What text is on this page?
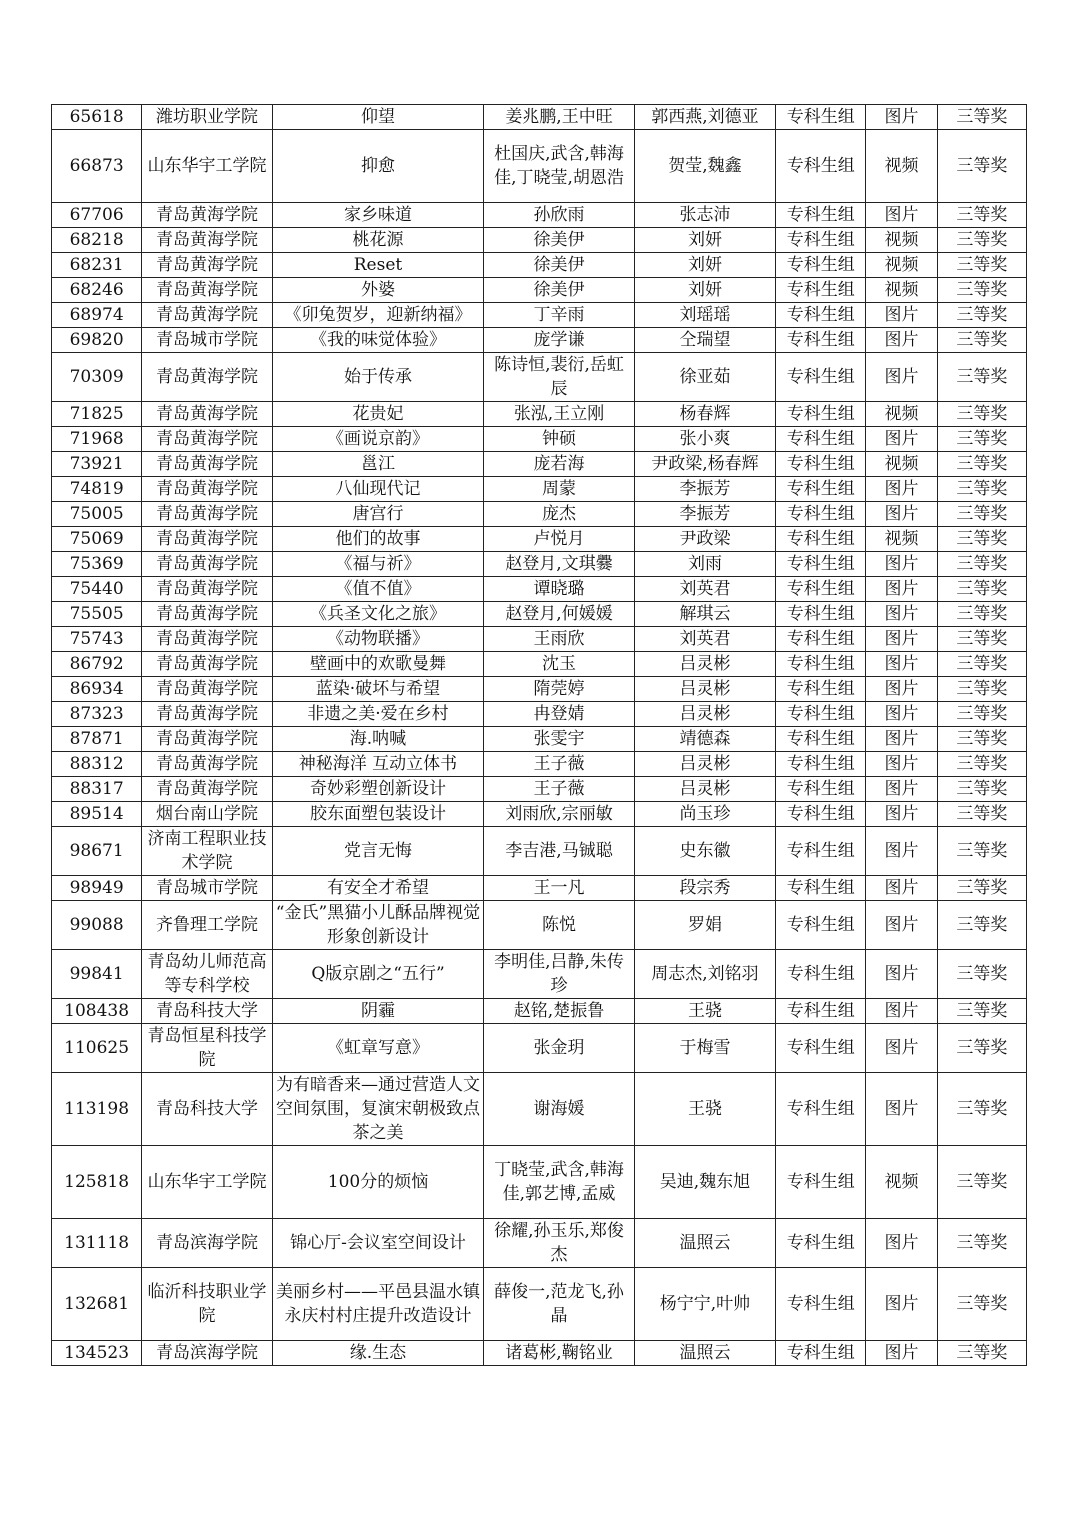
65618	潍坊职业学院	仰望	姜兆鹏,王中旺	郭西燕,刘德亚	专科生组	图片	三等奖
66873	山东华宇工学院	抑愈	杜国庆,武含,韩海佳,丁晓莹,胡恩浩	贺莹,魏鑫	专科生组	视频	三等奖
67706	青岛黄海学院	家乡味道	孙欣雨	张志沛	专科生组	图片	三等奖
68218	青岛黄海学院	桃花源	徐美伊	刘妍	专科生组	视频	三等奖
68231	青岛黄海学院	Reset	徐美伊	刘妍	专科生组	视频	三等奖
68246	青岛黄海学院	外婆	徐美伊	刘妍	专科生组	视频	三等奖
68974	青岛黄海学院	《卯兔贺岁，迎新纳福》	丁辛雨	刘瑶瑶	专科生组	图片	三等奖
69820	青岛城市学院	《我的味觉体验》	庞学谦	仝瑞望	专科生组	图片	三等奖
70309	青岛黄海学院	始于传承	陈诗恒,裴衍,岳虹辰	徐亚茹	专科生组	图片	三等奖
71825	青岛黄海学院	花贵妃	张泓,王立刚	杨春辉	专科生组	视频	三等奖
71968	青岛黄海学院	《画说京韵》	钟硕	张小爽	专科生组	图片	三等奖
73921	青岛黄海学院	邕江	庞若海	尹政梁,杨春辉	专科生组	视频	三等奖
74819	青岛黄海学院	八仙现代记	周蒙	李振芳	专科生组	图片	三等奖
75005	青岛黄海学院	唐宫行	庞杰	李振芳	专科生组	图片	三等奖
75069	青岛黄海学院	他们的故事	卢悦月	尹政梁	专科生组	视频	三等奖
75369	青岛黄海学院	《福与祈》	赵登月,文琪爨	刘雨	专科生组	图片	三等奖
75440	青岛黄海学院	《值不值》	谭晓璐	刘英君	专科生组	图片	三等奖
75505	青岛黄海学院	《兵圣文化之旅》	赵登月,何媛媛	解琪云	专科生组	图片	三等奖
75743	青岛黄海学院	《动物联播》	王雨欣	刘英君	专科生组	图片	三等奖
86792	青岛黄海学院	壁画中的欢歌曼舞	沈玉	吕灵彬	专科生组	图片	三等奖
86934	青岛黄海学院	蓝染·破坏与希望	隋莞婷	吕灵彬	专科生组	图片	三等奖
87323	青岛黄海学院	非遗之美·爱在乡村	冉登婧	吕灵彬	专科生组	图片	三等奖
87871	青岛黄海学院	海.呐喊	张雯宇	靖德森	专科生组	图片	三等奖
88312	青岛黄海学院	神秘海洋 互动立体书	王子薇	吕灵彬	专科生组	图片	三等奖
88317	青岛黄海学院	奇妙彩塑创新设计	王子薇	吕灵彬	专科生组	图片	三等奖
89514	烟台南山学院	胶东面塑包装设计	刘雨欣,宗丽敏	尚玉珍	专科生组	图片	三等奖
98671	济南工程职业技术学院	党言无悔	李吉港,马铖聪	史东徽	专科生组	图片	三等奖
98949	青岛城市学院	有安全才希望	王一凡	段宗秀	专科生组	图片	三等奖
99088	齐鲁理工学院	“金氏”黑猫小儿酥品牌视觉形象创新设计	陈悦	罗娟	专科生组	图片	三等奖
99841	青岛幼儿师范高等专科学校	Q版京剧之“五行”	李明佳,吕静,朱传珍	周志杰,刘铭羽	专科生组	图片	三等奖
108438	青岛科技大学	阴霾	赵铭,楚振鲁	王骁	专科生组	图片	三等奖
110625	青岛恒星科技学院	《虹章写意》	张金玥	于梅雪	专科生组	图片	三等奖
113198	青岛科技大学	为有暗香来—通过营造人文空间氛围，复演宋朝极致点茶之美	谢海媛	王骁	专科生组	图片	三等奖
125818	山东华宇工学院	100分的烦恼	丁晓莹,武含,韩海佳,郭艺博,孟威	吴迪,魏东旭	专科生组	视频	三等奖
131118	青岛滨海学院	锦心厅-会议室空间设计	徐耀,孙玉乐,郑俊杰	温照云	专科生组	图片	三等奖
132681	临沂科技职业学院	美丽乡村——平邑县温水镇永庆村村庄提升改造设计	薛俊一,范龙飞,孙晶	杨宁宁,叶帅	专科生组	图片	三等奖
134523	青岛滨海学院	缘.生态	诸葛彬,鞠铭业	温照云	专科生组	图片	三等奖
